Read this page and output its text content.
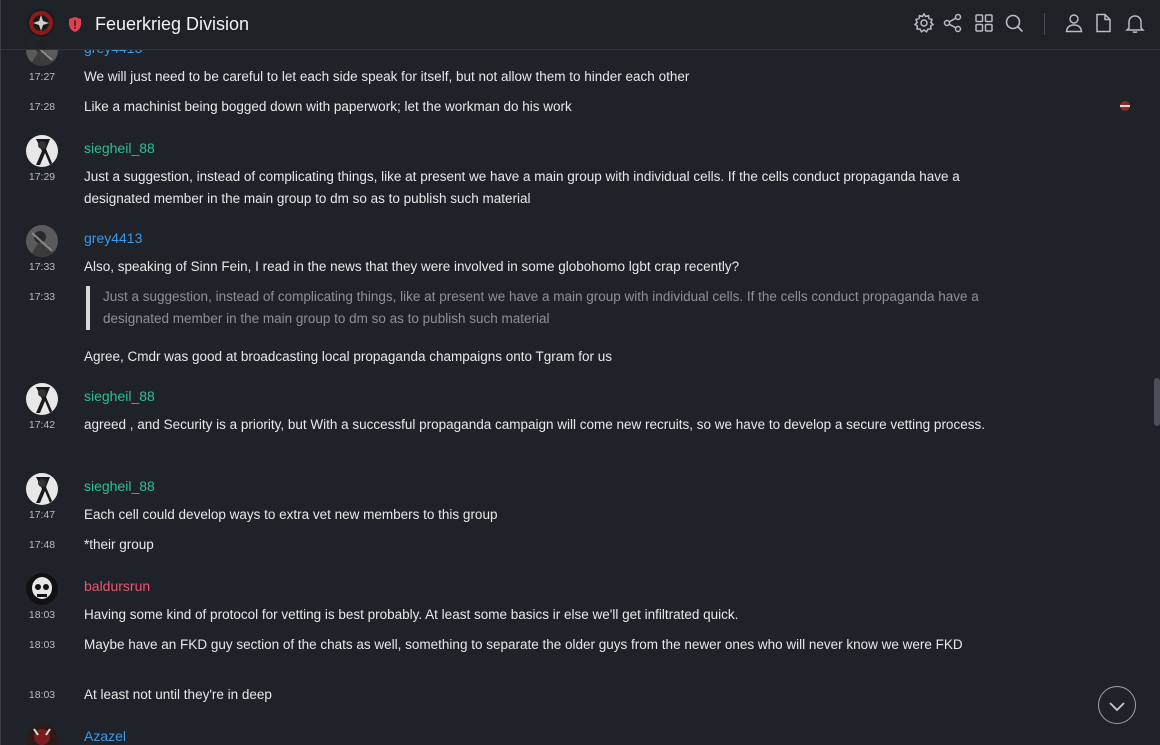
17:27	We will just need to be careful to let each side speak for itself, but not allow them to hinder each other
17:28	Like a machinist being bogged down with paperwork; let the workman do his work
siegheil_88
17:29	Just a suggestion, instead of complicating things, like at present we have a main group with individual cells. If the cells conduct propaganda have a designated member in the main group to dm so as to publish such material
grey4413
17:33	Also, speaking of Sinn Fein, I read in the news that they were involved in some globohomo lgbt crap recently?
17:33	Just a suggestion, instead of complicating things, like at present we have a main group with individual cells. If the cells conduct propaganda have a designated member in the main group to dm so as to publish such material
Agree, Cmdr was good at broadcasting local propaganda champaigns onto Tgram for us
siegheil_88
17:42	agreed , and Security is a priority, but With a successful propaganda campaign will come new recruits, so we have to develop a secure vetting process.
siegheil_88
17:47	Each cell could develop ways to extra vet new members to this group
17:48	*their group
baldursrun
18:03	Having some kind of protocol for vetting is best probably. At least some basics ir else we'll get infiltrated quick.
18:03	Maybe have an FKD guy section of the chats as well, something to separate the older guys from the newer ones who will never know we were FKD
18:03	At least not until they're in deep
Azazel
Feuerkrieg Division
